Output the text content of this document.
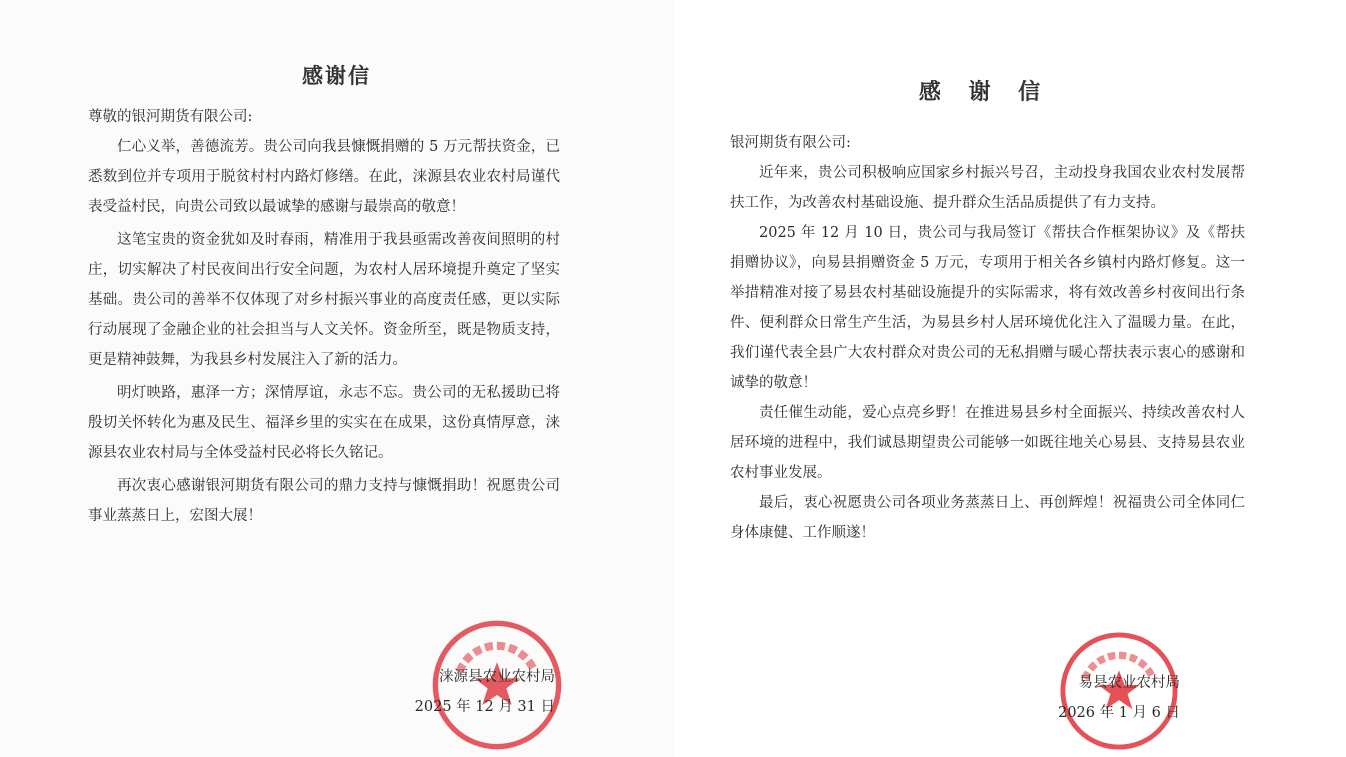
感谢信

尊敬的银河期货有限公司:

仁心义举，善德流芳。贵公司向我县慷慨捐赠的 5 万元帮扶资金，已悉数到位并专项用于脱贫村村内路灯修缮。在此，涞源县农业农村局谨代表受益村民，向贵公司致以最诚挚的感谢与最崇高的敬意！

这笔宝贵的资金犹如及时春雨，精准用于我县亟需改善夜间照明的村庄，切实解决了村民夜间出行安全问题，为农村人居环境提升奠定了坚实基础。贵公司的善举不仅体现了对乡村振兴事业的高度责任感，更以实际行动展现了金融企业的社会担当与人文关怀。资金所至，既是物质支持，更是精神鼓舞，为我县乡村发展注入了新的活力。

明灯映路，惠泽一方；深情厚谊，永志不忘。贵公司的无私援助已将殷切关怀转化为惠及民生、福泽乡里的实实在在成果，这份真情厚意，涞源县农业农村局与全体受益村民必将长久铭记。

再次衷心感谢银河期货有限公司的鼎力支持与慷慨捐助！祝愿贵公司事业蒸蒸日上，宏图大展！

涞源县农业农村局
2025 年 12 月 31 日
感 谢 信

银河期货有限公司:

近年来，贵公司积极响应国家乡村振兴号召，主动投身我国农业农村发展帮扶工作，为改善农村基础设施、提升群众生活品质提供了有力支持。

2025 年 12 月 10 日，贵公司与我局签订《帮扶合作框架协议》及《帮扶捐赠协议》，向易县捐赠资金 5 万元，专项用于相关各乡镇村内路灯修复。这一举措精准对接了易县农村基础设施提升的实际需求，将有效改善乡村夜间出行条件、便利群众日常生产生活，为易县乡村人居环境优化注入了温暖力量。在此，我们谨代表全县广大农村群众对贵公司的无私捐赠与暖心帮扶表示衷心的感谢和诚挚的敬意！

责任催生动能，爱心点亮乡野！在推进易县乡村全面振兴、持续改善农村人居环境的进程中，我们诚恳期望贵公司能够一如既往地关心易县、支持易县农业农村事业发展。

最后，衷心祝愿贵公司各项业务蒸蒸日上、再创辉煌！祝福贵公司全体同仁身体康健、工作顺遂！

易县农业农村局
2026 年 1 月 6 日
